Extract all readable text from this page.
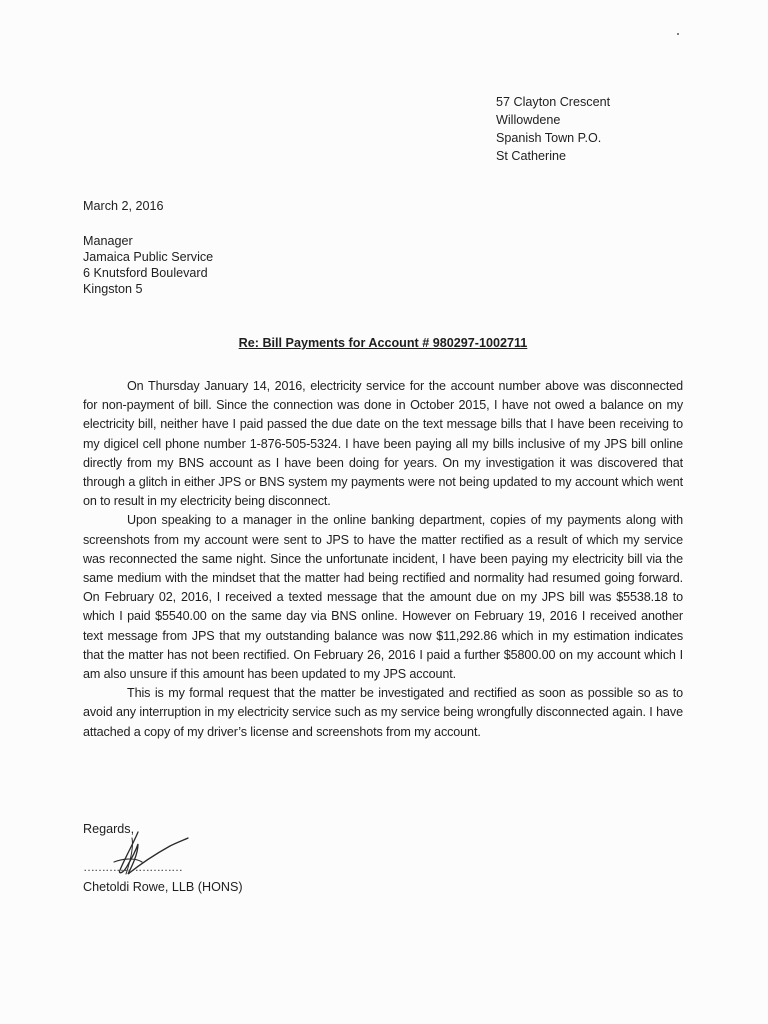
57 Clayton Crescent
Willowdene
Spanish Town P.O.
St Catherine
March 2, 2016
Manager
Jamaica Public Service
6 Knutsford Boulevard
Kingston 5
Re: Bill Payments for Account # 980297-1002711

On Thursday January 14, 2016, electricity service for the account number above was disconnected for non-payment of bill. Since the connection was done in October 2015, I have not owed a balance on my electricity bill, neither have I paid passed the due date on the text message bills that I have been receiving to my digicel cell phone number 1-876-505-5324. I have been paying all my bills inclusive of my JPS bill online directly from my BNS account as I have been doing for years. On my investigation it was discovered that through a glitch in either JPS or BNS system my payments were not being updated to my account which went on to result in my electricity being disconnect.

Upon speaking to a manager in the online banking department, copies of my payments along with screenshots from my account were sent to JPS to have the matter rectified as a result of which my service was reconnected the same night. Since the unfortunate incident, I have been paying my electricity bill via the same medium with the mindset that the matter had being rectified and normality had resumed going forward. On February 02, 2016, I received a texted message that the amount due on my JPS bill was $5538.18 to which I paid $5540.00 on the same day via BNS online. However on February 19, 2016 I received another text message from JPS that my outstanding balance was now $11,292.86 which in my estimation indicates that the matter has not been rectified. On February 26, 2016 I paid a further $5800.00 on my account which I am also unsure if this amount has been updated to my JPS account.

This is my formal request that the matter be investigated and rectified as soon as possible so as to avoid any interruption in my electricity service such as my service being wrongfully disconnected again. I have attached a copy of my driver’s license and screenshots from my account.

Regards,
………………………
Chetoldi Rowe, LLB (HONS)
